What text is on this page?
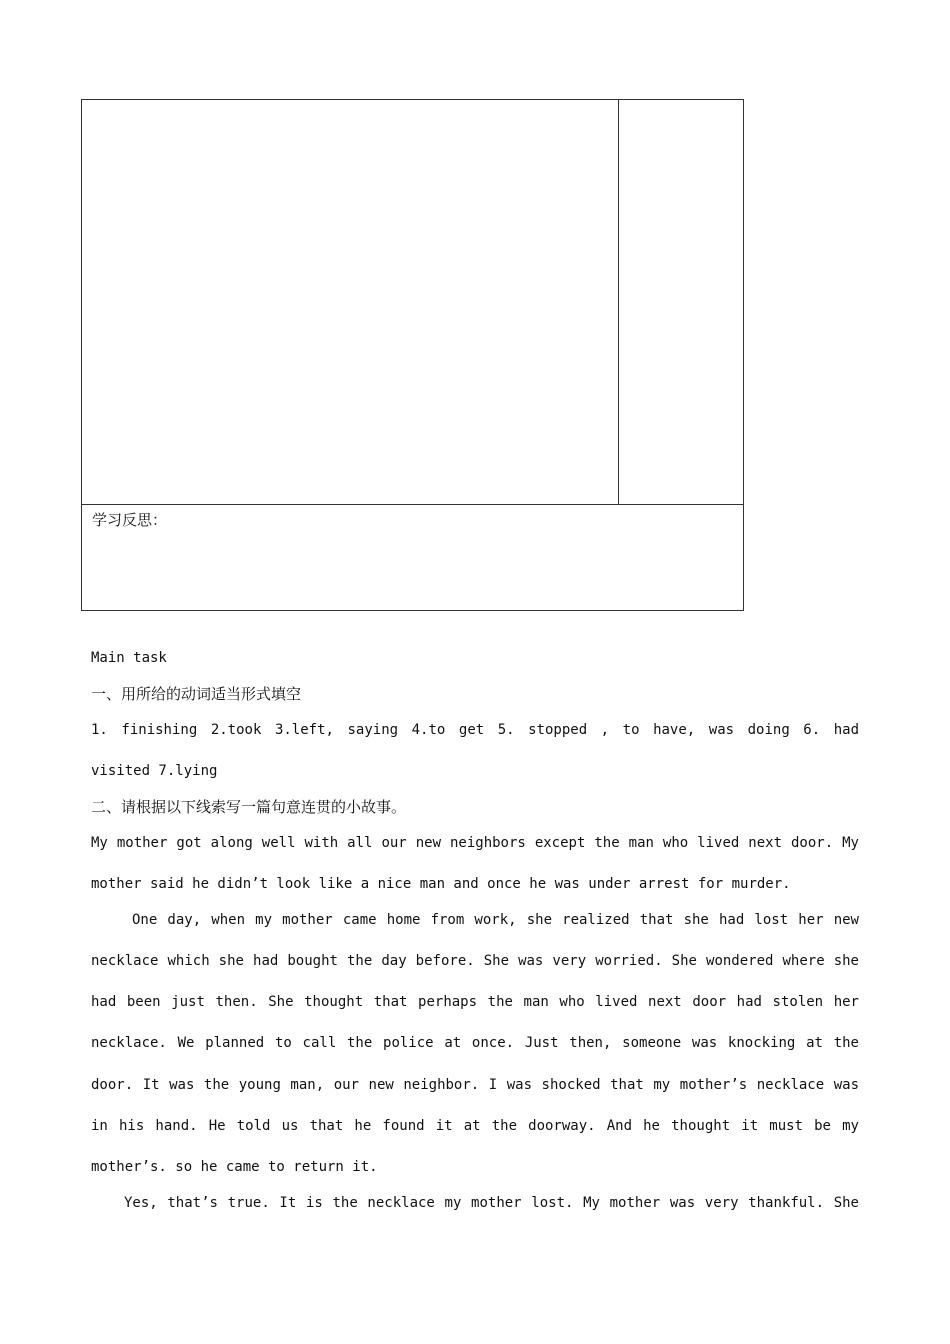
学习反思：
Main task
一、用所给的动词适当形式填空
1. finishing 2.took 3.left, saying 4.to get 5. stopped , to have, was doing 6. had
visited 7.lying
二、请根据以下线索写一篇句意连贯的小故事。
My mother got along well with all our new neighbors except the man who lived next door. My
mother said he didn’t look like a nice man and once he was under arrest for murder.
One day, when my mother came home from work, she realized that she had lost her new
necklace which she had bought the day before. She was very worried. She wondered where she
had been just then. She thought that perhaps the man who lived next door had stolen her
necklace. We planned to call the police at once. Just then, someone was knocking at the
door. It was the young man, our new neighbor. I was shocked that my mother’s necklace was
in his hand. He told us that he found it at the doorway. And he thought it must be my
mother’s. so he came to return it.
Yes, that’s true. It is the necklace my mother lost. My mother was very thankful. She
